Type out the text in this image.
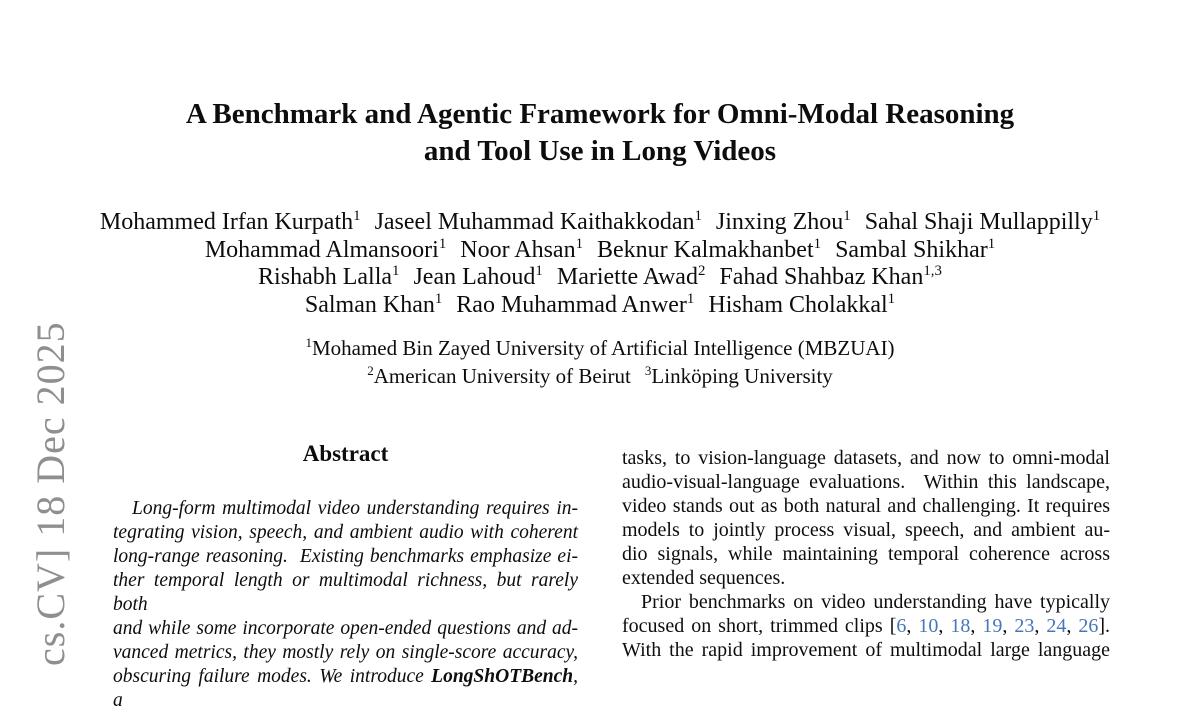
cs.CV] 18 Dec 2025
A Benchmark and Agentic Framework for Omni-Modal Reasoning
and Tool Use in Long Videos
Mohammed Irfan Kurpath$^1$ Jaseel Muhammad Kaithakkodan$^1$ Jinxing Zhou$^1$ Sahal Shaji Mullappilly$^1$
Mohammad Almansoori$^1$ Noor Ahsan$^1$ Beknur Kalmakhanbet$^1$ Sambal Shikhar$^1$
Rishabh Lalla$^1$ Jean Lahoud$^1$ Mariette Awad$^2$ Fahad Shahbaz Khan$^{1,3}$
Salman Khan$^1$ Rao Muhammad Anwer$^1$ Hisham Cholakkal$^1$
$^1$Mohamed Bin Zayed University of Artificial Intelligence (MBZUAI)
$^2$American University of Beirut $^3$Linköping University
Abstract
Long-form multimodal video understanding requires in-
tegrating vision, speech, and ambient audio with coherent
long-range reasoning.  Existing benchmarks emphasize ei-
ther temporal length or multimodal richness, but rarely both
and while some incorporate open-ended questions and ad-
vanced metrics, they mostly rely on single-score accuracy,
obscuring failure modes. We introduce LongShOTBench, a
tasks, to vision-language datasets, and now to omni-modal
audio-visual-language evaluations.  Within this landscape,
video stands out as both natural and challenging. It requires
models to jointly process visual, speech, and ambient au-
dio signals, while maintaining temporal coherence across
extended sequences.
Prior benchmarks on video understanding have typically
focused on short, trimmed clips [6, 10, 18, 19, 23, 24, 26].
With the rapid improvement of multimodal large language
